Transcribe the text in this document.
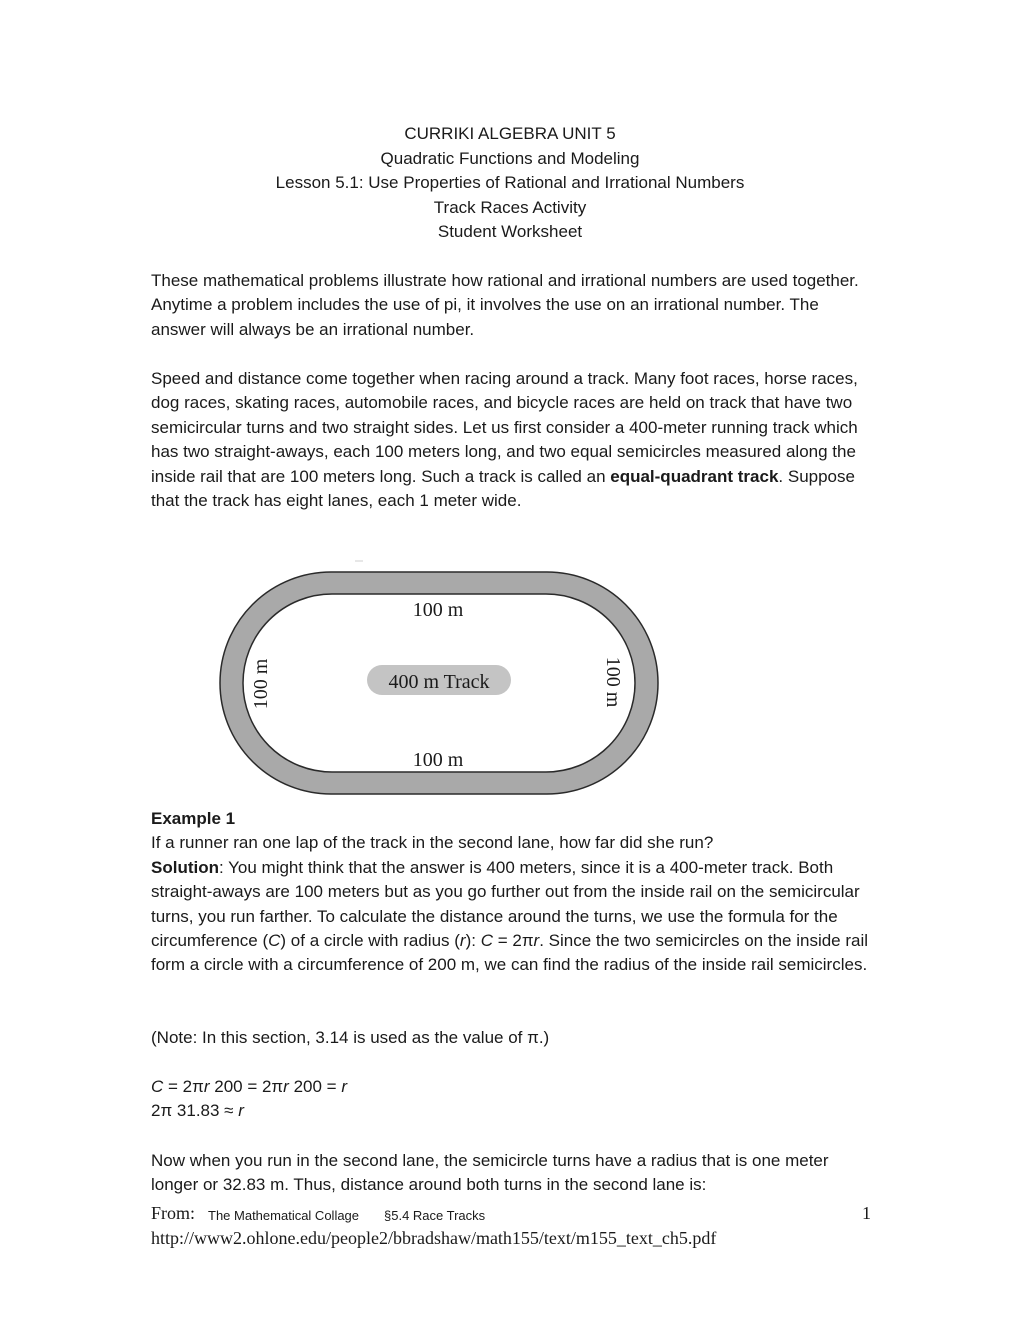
CURRIKI ALGEBRA UNIT 5
Quadratic Functions and Modeling
Lesson 5.1: Use Properties of Rational and Irrational Numbers
Track Races Activity
Student Worksheet

These mathematical problems illustrate how rational and irrational numbers are used together. Anytime a problem includes the use of pi, it involves the use on an irrational number. The answer will always be an irrational number.

Speed and distance come together when racing around a track. Many foot races, horse races, dog races, skating races, automobile races, and bicycle races are held on track that have two semicircular turns and two straight sides. Let us first consider a 400-meter running track which has two straight-aways, each 100 meters long, and two equal semicircles measured along the inside rail that are 100 meters long. Such a track is called an equal-quadrant track. Suppose that the track has eight lanes, each 1 meter wide.

100 m
100 m
400 m Track
100 m	100 m

Example 1

If a runner ran one lap of the track in the second lane, how far did she run?

Solution: You might think that the answer is 400 meters, since it is a 400-meter track. Both straight-aways are 100 meters but as you go further out from the inside rail on the semicircular turns, you run farther. To calculate the distance around the turns, we use the formula for the circumference (C) of a circle with radius (r): C = 2πr. Since the two semicircles on the inside rail form a circle with a circumference of 200 m, we can find the radius of the inside rail semicircles.

(Note: In this section, 3.14 is used as the value of π.)

C = 2πr 200 = 2πr 200 = r

2π 31.83 ≈ r

Now when you run in the second lane, the semicircle turns have a radius that is one meter longer or 32.83 m. Thus, distance around both turns in the second lane is:

From: The Mathematical Collage §5.4 Race Tracks	1
http://www2.ohlone.edu/people2/bbradshaw/math155/text/m155_text_ch5.pdf
